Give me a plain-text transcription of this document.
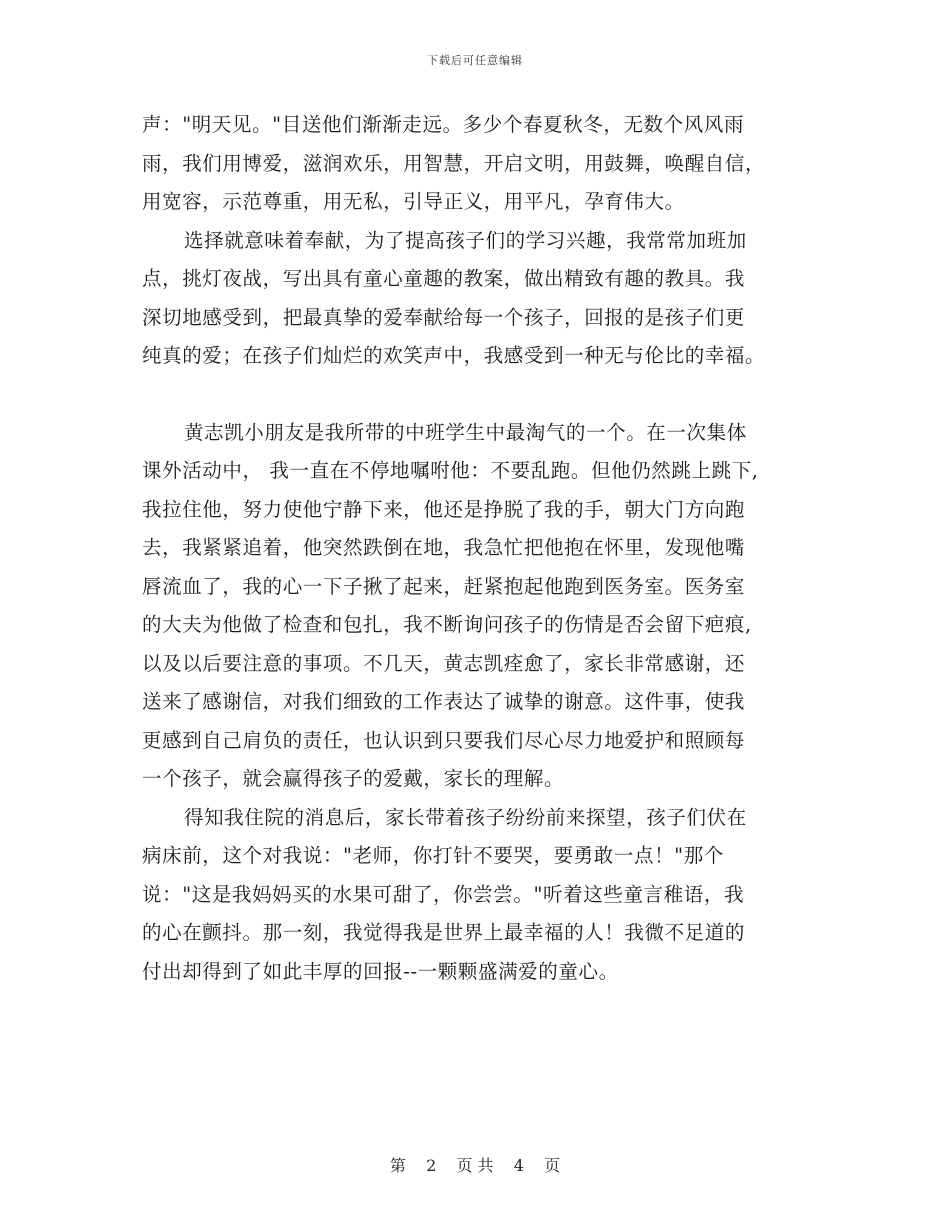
下载后可任意编辑
声："明天见。"目送他们渐渐走远。多少个春夏秋冬，无数个风风雨
雨，我们用博爱，滋润欢乐，用智慧，开启文明，用鼓舞，唤醒自信，
用宽容，示范尊重，用无私，引导正义，用平凡，孕育伟大。
选择就意味着奉献，为了提高孩子们的学习兴趣，我常常加班加
点，挑灯夜战，写出具有童心童趣的教案，做出精致有趣的教具。我
深切地感受到，把最真挚的爱奉献给每一个孩子，回报的是孩子们更
纯真的爱；在孩子们灿烂的欢笑声中，我感受到一种无与伦比的幸福。
黄志凯小朋友是我所带的中班学生中最淘气的一个。在一次集体
课外活动中， 我一直在不停地嘱咐他：不要乱跑。但他仍然跳上跳下,
我拉住他，努力使他宁静下来，他还是挣脱了我的手，朝大门方向跑
去，我紧紧追着，他突然跌倒在地，我急忙把他抱在怀里，发现他嘴
唇流血了，我的心一下子揪了起来，赶紧抱起他跑到医务室。医务室
的大夫为他做了检查和包扎，我不断询问孩子的伤情是否会留下疤痕,
以及以后要注意的事项。不几天，黄志凯痊愈了，家长非常感谢，还
送来了感谢信，对我们细致的工作表达了诚挚的谢意。这件事，使我
更感到自己肩负的责任，也认识到只要我们尽心尽力地爱护和照顾每
一个孩子，就会赢得孩子的爱戴，家长的理解。
得知我住院的消息后，家长带着孩子纷纷前来探望，孩子们伏在
病床前，这个对我说："老师，你打针不要哭，要勇敢一点！"那个
说："这是我妈妈买的水果可甜了，你尝尝。"听着这些童言稚语，我
的心在颤抖。那一刻，我觉得我是世界上最幸福的人！我微不足道的
付出却得到了如此丰厚的回报--一颗颗盛满爱的童心。
第 2 页 共 4 页
